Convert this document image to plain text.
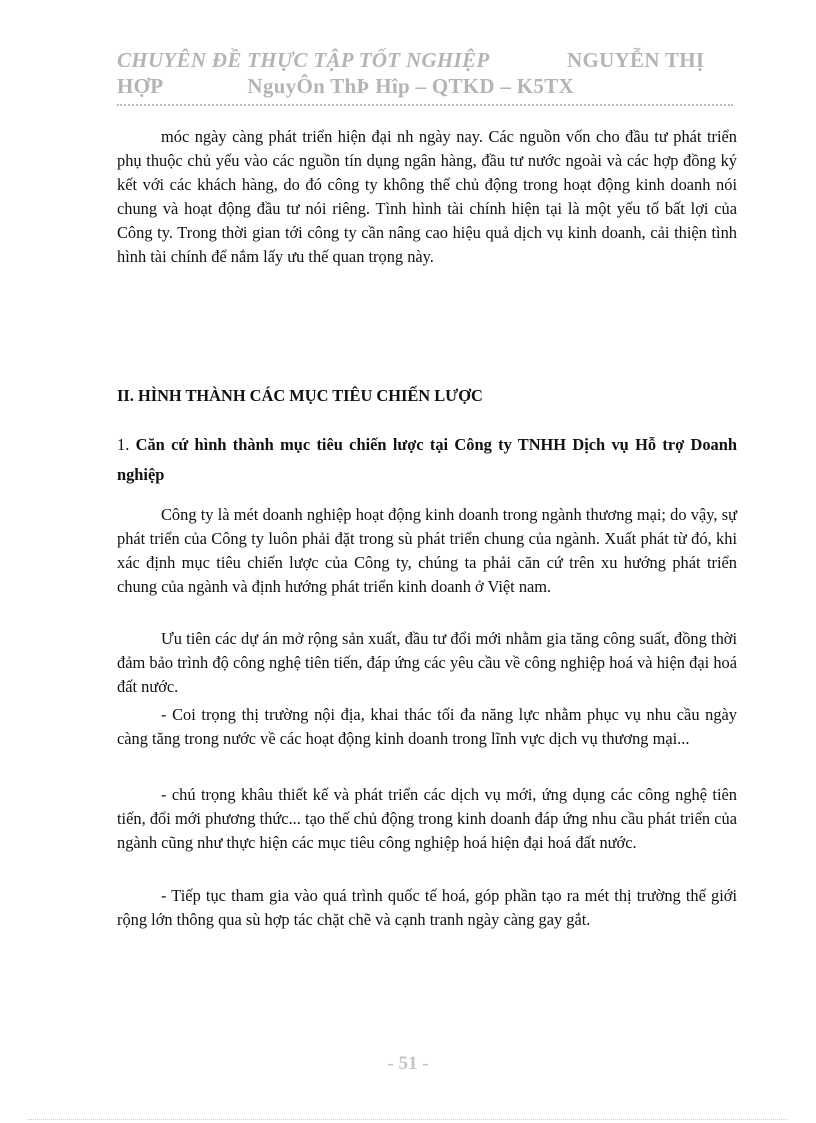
CHUYÊN ĐỀ THỰC TẬP TỐT NGHIỆP	NGUYỄN THỊ
HỢP	NguyÔn ThÞ Hîp – QTKD – K5TX

móc ngày càng phát triển hiện đại nh ngày nay. Các nguồn vốn cho đầu tư phát triển phụ thuộc chủ yếu vào các nguồn tín dụng ngân hàng, đầu tư nước ngoài và các hợp đồng ký kết với các khách hàng, do đó công ty không thể chủ động trong hoạt động kinh doanh nói chung và hoạt động đầu tư nói riêng. Tình hình tài chính hiện tại là một yếu tố bất lợi của Công ty. Trong thời gian tới công ty cần nâng cao hiệu quả dịch vụ kinh doanh, cải thiện tình hình tài chính để nắm lấy ưu thế quan trọng này.

II. HÌNH THÀNH CÁC MỤC TIÊU CHIẾN LƯỢC

1. Căn cứ hình thành mục tiêu chiến lược tại Công ty TNHH Dịch vụ Hỗ trợ Doanh nghiệp

Công ty là mét doanh nghiệp hoạt động kinh doanh trong ngành thương mại; do vậy, sự phát triển của Công ty luôn phải đặt trong sù phát triển chung của ngành. Xuất phát từ đó, khi xác định mục tiêu chiến lược của Công ty, chúng ta phải căn cứ trên xu hướng phát triển chung của ngành và định hướng phát triển kinh doanh ở Việt nam.

Ưu tiên các dự án mở rộng sản xuất, đầu tư đổi mới nhằm gia tăng công suất, đồng thời đảm bảo trình độ công nghệ tiên tiến, đáp ứng các yêu cầu về công nghiệp hoá và hiện đại hoá đất nước.

- Coi trọng thị trường nội địa, khai thác tối đa năng lực nhằm phục vụ nhu cầu ngày càng tăng trong nước về các hoạt động kinh doanh trong lĩnh vực dịch vụ thương mại...

- chú trọng khâu thiết kế và phát triển các dịch vụ mới, ứng dụng các công nghệ tiên tiến, đổi mới phương thức... tạo thế chủ động trong kinh doanh đáp ứng nhu cầu phát triển của ngành cũng như thực hiện các mục tiêu công nghiệp hoá hiện đại hoá đất nước.

- Tiếp tục tham gia vào quá trình quốc tế hoá, góp phần tạo ra mét thị trường thế giới rộng lớn thông qua sù hợp tác chặt chẽ và cạnh tranh ngày càng gay gắt.

- 51 -
